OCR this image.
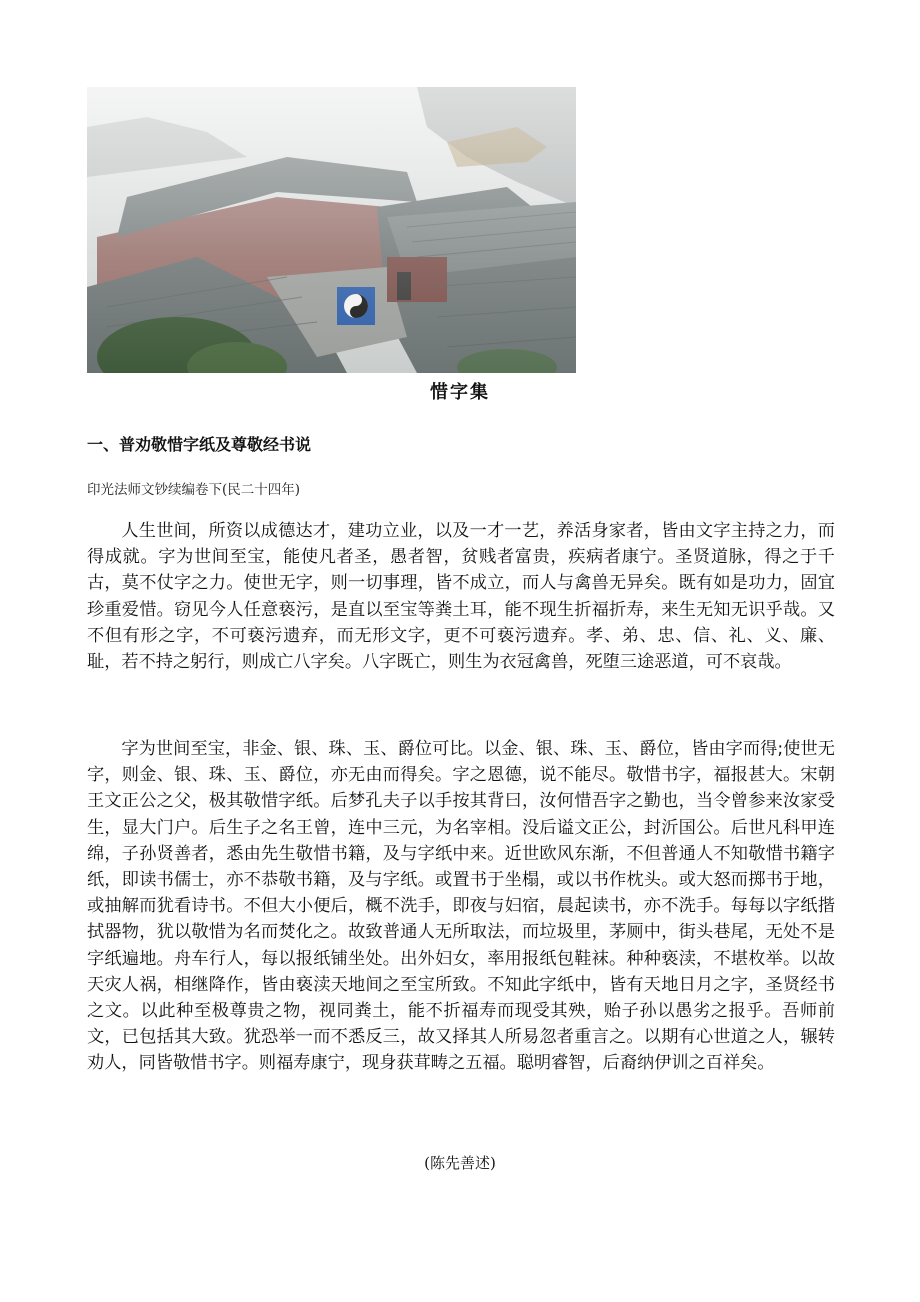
惜字集
一、普劝敬惜字纸及尊敬经书说
印光法师文钞续编卷下(民二十四年)

人生世间，所资以成德达才，建功立业，以及一才一艺，养活身家者，皆由文字主持之力，而得成就。字为世间至宝，能使凡者圣，愚者智，贫贱者富贵，疾病者康宁。圣贤道脉，得之于千古，莫不仗字之力。使世无字，则一切事理，皆不成立，而人与禽兽无异矣。既有如是功力，固宜珍重爱惜。窃见今人任意亵污，是直以至宝等粪土耳，能不现生折福折寿，来生无知无识乎哉。又不但有形之字，不可亵污遗弃，而无形文字，更不可亵污遗弃。孝、弟、忠、信、礼、义、廉、耻，若不持之躬行，则成亡八字矣。八字既亡，则生为衣冠禽兽，死堕三途恶道，可不哀哉。

字为世间至宝，非金、银、珠、玉、爵位可比。以金、银、珠、玉、爵位，皆由字而得;使世无字，则金、银、珠、玉、爵位，亦无由而得矣。字之恩德，说不能尽。敬惜书字，福报甚大。宋朝王文正公之父，极其敬惜字纸。后梦孔夫子以手按其背曰，汝何惜吾字之勤也，当令曾参来汝家受生，显大门户。后生子之名王曾，连中三元，为名宰相。没后谥文正公，封沂国公。后世凡科甲连绵，子孙贤善者，悉由先生敬惜书籍，及与字纸中来。近世欧风东渐，不但普通人不知敬惜书籍字纸，即读书儒士，亦不恭敬书籍，及与字纸。或置书于坐榻，或以书作枕头。或大怒而掷书于地，或抽解而犹看诗书。不但大小便后，概不洗手，即夜与妇宿，晨起读书，亦不洗手。每每以字纸揩拭器物，犹以敬惜为名而焚化之。故致普通人无所取法，而垃圾里，茅厕中，街头巷尾，无处不是字纸遍地。舟车行人，每以报纸铺坐处。出外妇女，率用报纸包鞋袜。种种亵渎，不堪枚举。以故天灾人祸，相继降作，皆由亵渎天地间之至宝所致。不知此字纸中，皆有天地日月之字，圣贤经书之文。以此种至极尊贵之物，视同粪土，能不折福寿而现受其殃，贻子孙以愚劣之报乎。吾师前文，已包括其大致。犹恐举一而不悉反三，故又择其人所易忽者重言之。以期有心世道之人，辗转劝人，同皆敬惜书字。则福寿康宁，现身获茸畴之五福。聪明睿智，后裔纳伊训之百祥矣。

(陈先善述)
